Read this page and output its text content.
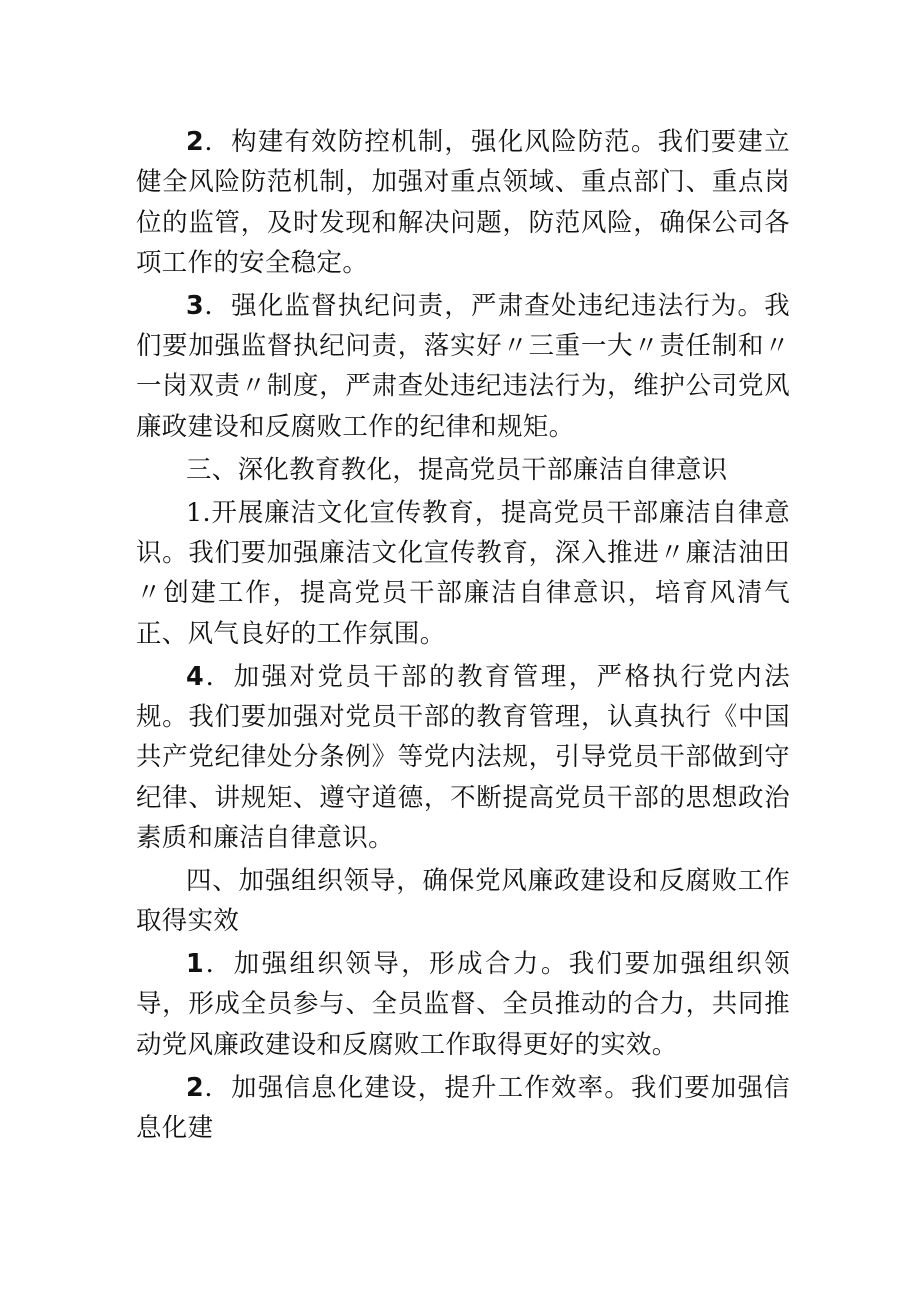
2．构建有效防控机制，强化风险防范。我们要建立健全风险防范机制，加强对重点领域、重点部门、重点岗位的监管，及时发现和解决问题，防范风险，确保公司各项工作的安全稳定。

3．强化监督执纪问责，严肃查处违纪违法行为。我们要加强监督执纪问责，落实好〃三重一大〃责任制和〃一岗双责〃制度，严肃查处违纪违法行为，维护公司党风廉政建设和反腐败工作的纪律和规矩。

三、深化教育教化，提高党员干部廉洁自律意识

1.开展廉洁文化宣传教育，提高党员干部廉洁自律意识。我们要加强廉洁文化宣传教育，深入推进〃廉洁油田〃创建工作，提高党员干部廉洁自律意识，培育风清气正、风气良好的工作氛围。

4．加强对党员干部的教育管理，严格执行党内法规。我们要加强对党员干部的教育管理，认真执行《中国共产党纪律处分条例》等党内法规，引导党员干部做到守纪律、讲规矩、遵守道德，不断提高党员干部的思想政治素质和廉洁自律意识。

四、加强组织领导，确保党风廉政建设和反腐败工作取得实效

1．加强组织领导，形成合力。我们要加强组织领导，形成全员参与、全员监督、全员推动的合力，共同推动党风廉政建设和反腐败工作取得更好的实效。

2．加强信息化建设，提升工作效率。我们要加强信息化建
